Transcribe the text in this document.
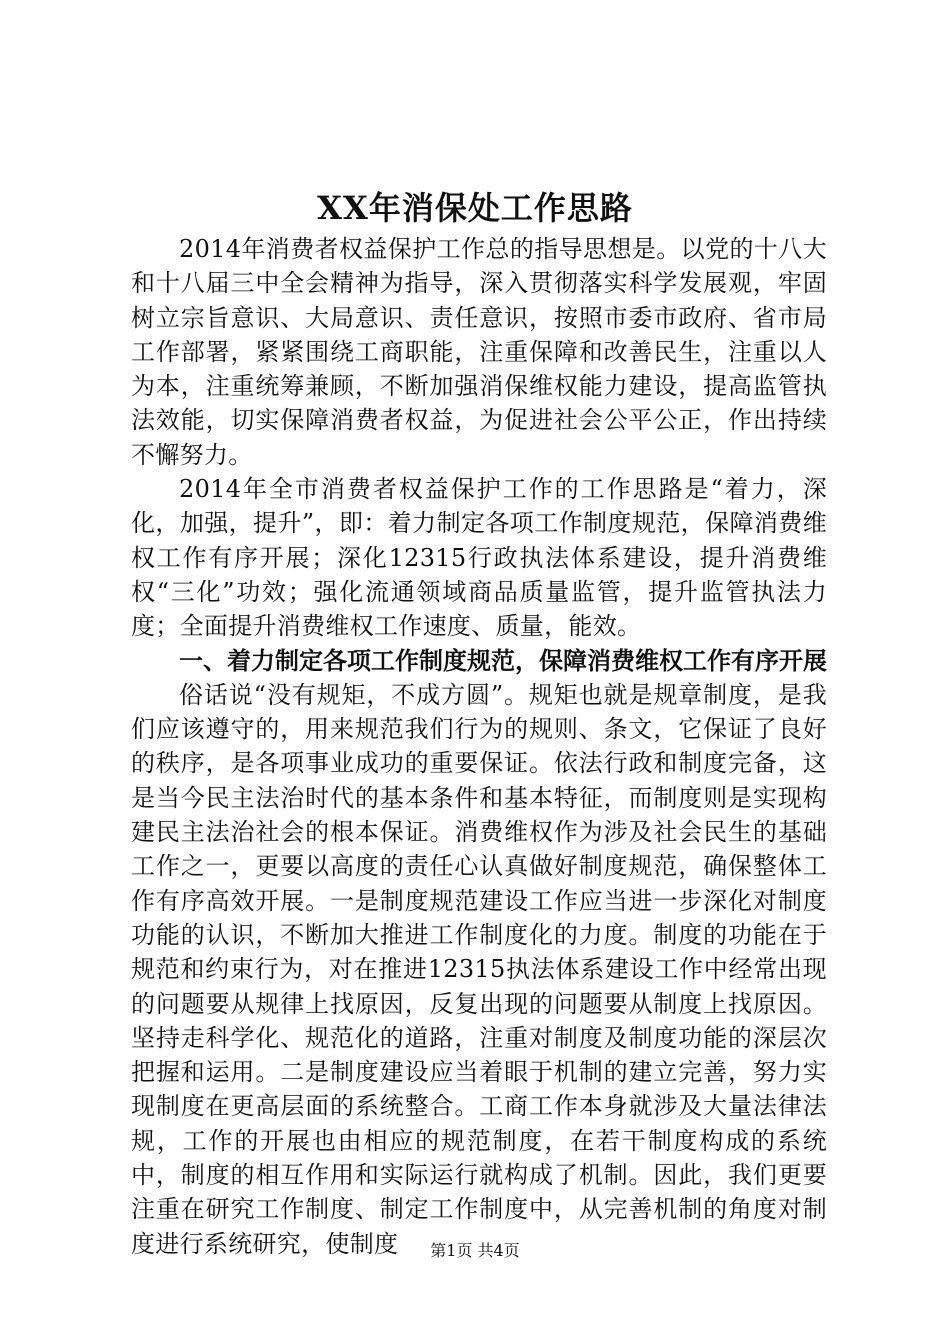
XX年消保处工作思路

2014年消费者权益保护工作总的指导思想是。以党的十八大和十八届三中全会精神为指导，深入贯彻落实科学发展观，牢固树立宗旨意识、大局意识、责任意识，按照市委市政府、省市局工作部署，紧紧围绕工商职能，注重保障和改善民生，注重以人为本，注重统筹兼顾，不断加强消保维权能力建设，提高监管执法效能，切实保障消费者权益，为促进社会公平公正，作出持续不懈努力。

2014年全市消费者权益保护工作的工作思路是“着力，深化，加强，提升”，即：着力制定各项工作制度规范，保障消费维权工作有序开展；深化12315行政执法体系建设，提升消费维权“三化”功效；强化流通领域商品质量监管，提升监管执法力度；全面提升消费维权工作速度、质量，能效。

一、着力制定各项工作制度规范，保障消费维权工作有序开展

俗话说“没有规矩，不成方圆”。规矩也就是规章制度，是我们应该遵守的，用来规范我们行为的规则、条文，它保证了良好的秩序，是各项事业成功的重要保证。依法行政和制度完备，这是当今民主法治时代的基本条件和基本特征，而制度则是实现构建民主法治社会的根本保证。消费维权作为涉及社会民生的基础工作之一，更要以高度的责任心认真做好制度规范，确保整体工作有序高效开展。一是制度规范建设工作应当进一步深化对制度功能的认识，不断加大推进工作制度化的力度。制度的功能在于规范和约束行为，对在推进12315执法体系建设工作中经常出现的问题要从规律上找原因，反复出现的问题要从制度上找原因。坚持走科学化、规范化的道路，注重对制度及制度功能的深层次把握和运用。二是制度建设应当着眼于机制的建立完善，努力实现制度在更高层面的系统整合。工商工作本身就涉及大量法律法规，工作的开展也由相应的规范制度，在若干制度构成的系统中，制度的相互作用和实际运行就构成了机制。因此，我们更要注重在研究工作制度、制定工作制度中，从完善机制的角度对制度进行系统研究，使制度	第1页 共4页
